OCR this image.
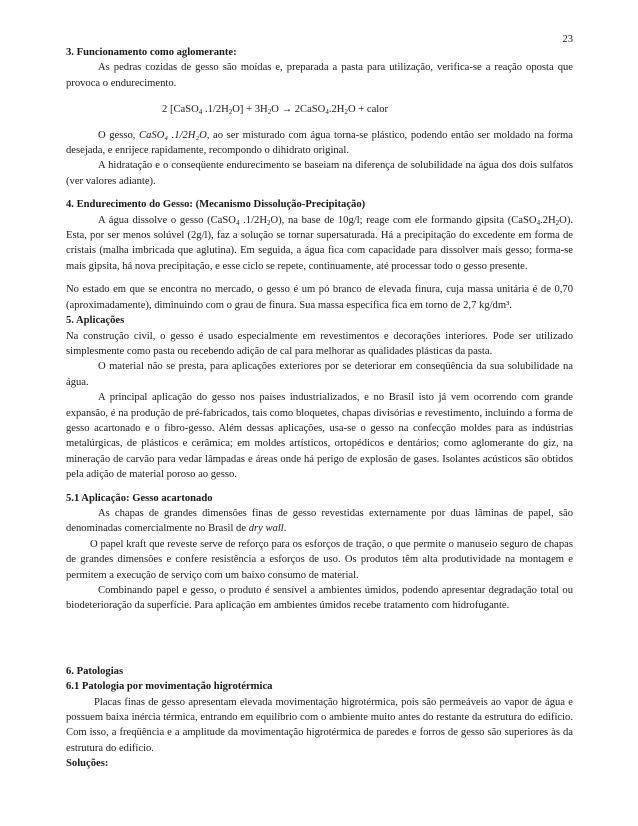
23

3. Funcionamento como aglomerante:

As pedras cozidas de gesso são moídas e, preparada a pasta para utilização, verifica-se a reação oposta que provoca o endurecimento.

2 [CaSO$_4$ $.1/2H_2O] + 3H_2O$ → $2CaSO_4.2H_2O$ + calor

O gesso, CaSO₄ .1/2H₂O, ao ser misturado com água torna-se plástico, podendo então ser moldado na forma desejada, e enrijece rapidamente, recompondo o dihidrato original.

A hidratação e o conseqüente endurecimento se baseiam na diferença de solubilidade na água dos dois sulfatos (ver valores adiante).

4. Endurecimento do Gesso: (Mecanismo Dissolução-Precipitação)

A água dissolve o gesso (CaSO$_4$ $.1/2H_2O$), na base de 10g/l; reage com ele formando gipsita $(CaSO_4.2H_2O)$. Esta, por ser menos solúvel (2g/l), faz a solução se tornar supersaturada. Há a precipitação do excedente em forma de cristais (malha imbricada que aglutina). Em seguida, a água fica com capacidade para dissolver mais gesso; forma-se mais gipsita, há nova precipitação, e esse ciclo se repete, continuamente, até processar todo o gesso presente.

No estado em que se encontra no mercado, o gesso é um pó branco de elevada finura, cuja massa unitária é de 0,70 (aproximadamente), diminuindo com o grau de finura. Sua massa específica fica em torno de 2,7 kg/dm³.

5. Aplicações

Na construção civil, o gesso é usado especialmente em revestimentos e decorações interiores. Pode ser utilizado simplesmente como pasta ou recebendo adição de cal para melhorar as qualidades plásticas da pasta.

O material não se presta, para aplicações exteriores por se deteriorar em conseqüência da sua solubilidade na água.

A principal aplicação do gesso nos países industrializados, e no Brasil isto já vem ocorrendo com grande expansão, é na produção de pré-fabricados, tais como bloquetes, chapas divisórias e revestimento, incluindo a forma de gesso acartonado e o fibro-gesso. Além dessas aplicações, usa-se o gesso na confecção moldes para as indústrias metalúrgicas, de plásticos e cerâmica; em moldes artísticos, ortopédicos e dentários; como aglomerante do giz, na mineração de carvão para vedar lâmpadas e áreas onde há perigo de explosão de gases. Isolantes acústicos são obtidos pela adição de material poroso ao gesso.

5.1 Aplicação: Gesso acartonado

As chapas de grandes dimensões finas de gesso revestidas externamente por duas lâminas de papel, são denominadas comercialmente no Brasil de dry wall.

O papel kraft que reveste serve de reforço para os esforços de tração, o que permite o manuseio seguro de chapas de grandes dimensões e confere resistência a esforços de uso. Os produtos têm alta produtividade na montagem e permitem a execução de serviço com um baixo consumo de material.

Combinando papel e gesso, o produto é sensível a ambientes úmidos, podendo apresentar degradação total ou biodeterioração da superfície. Para aplicação em ambientes úmidos recebe tratamento com hidrofugante.

6. Patologias

6.1 Patologia por movimentação higrotérmica

Placas finas de gesso apresentam elevada movimentação higrotérmica, pois são permeáveis ao vapor de água e possuem baixa inércia térmica, entrando em equilíbrio com o ambiente muito antes do restante da estrutura do edifício. Com isso, a freqüência e a amplitude da movimentação higrotérmica de paredes e forros de gesso são superiores às da estrutura do edifício.

Soluções:
